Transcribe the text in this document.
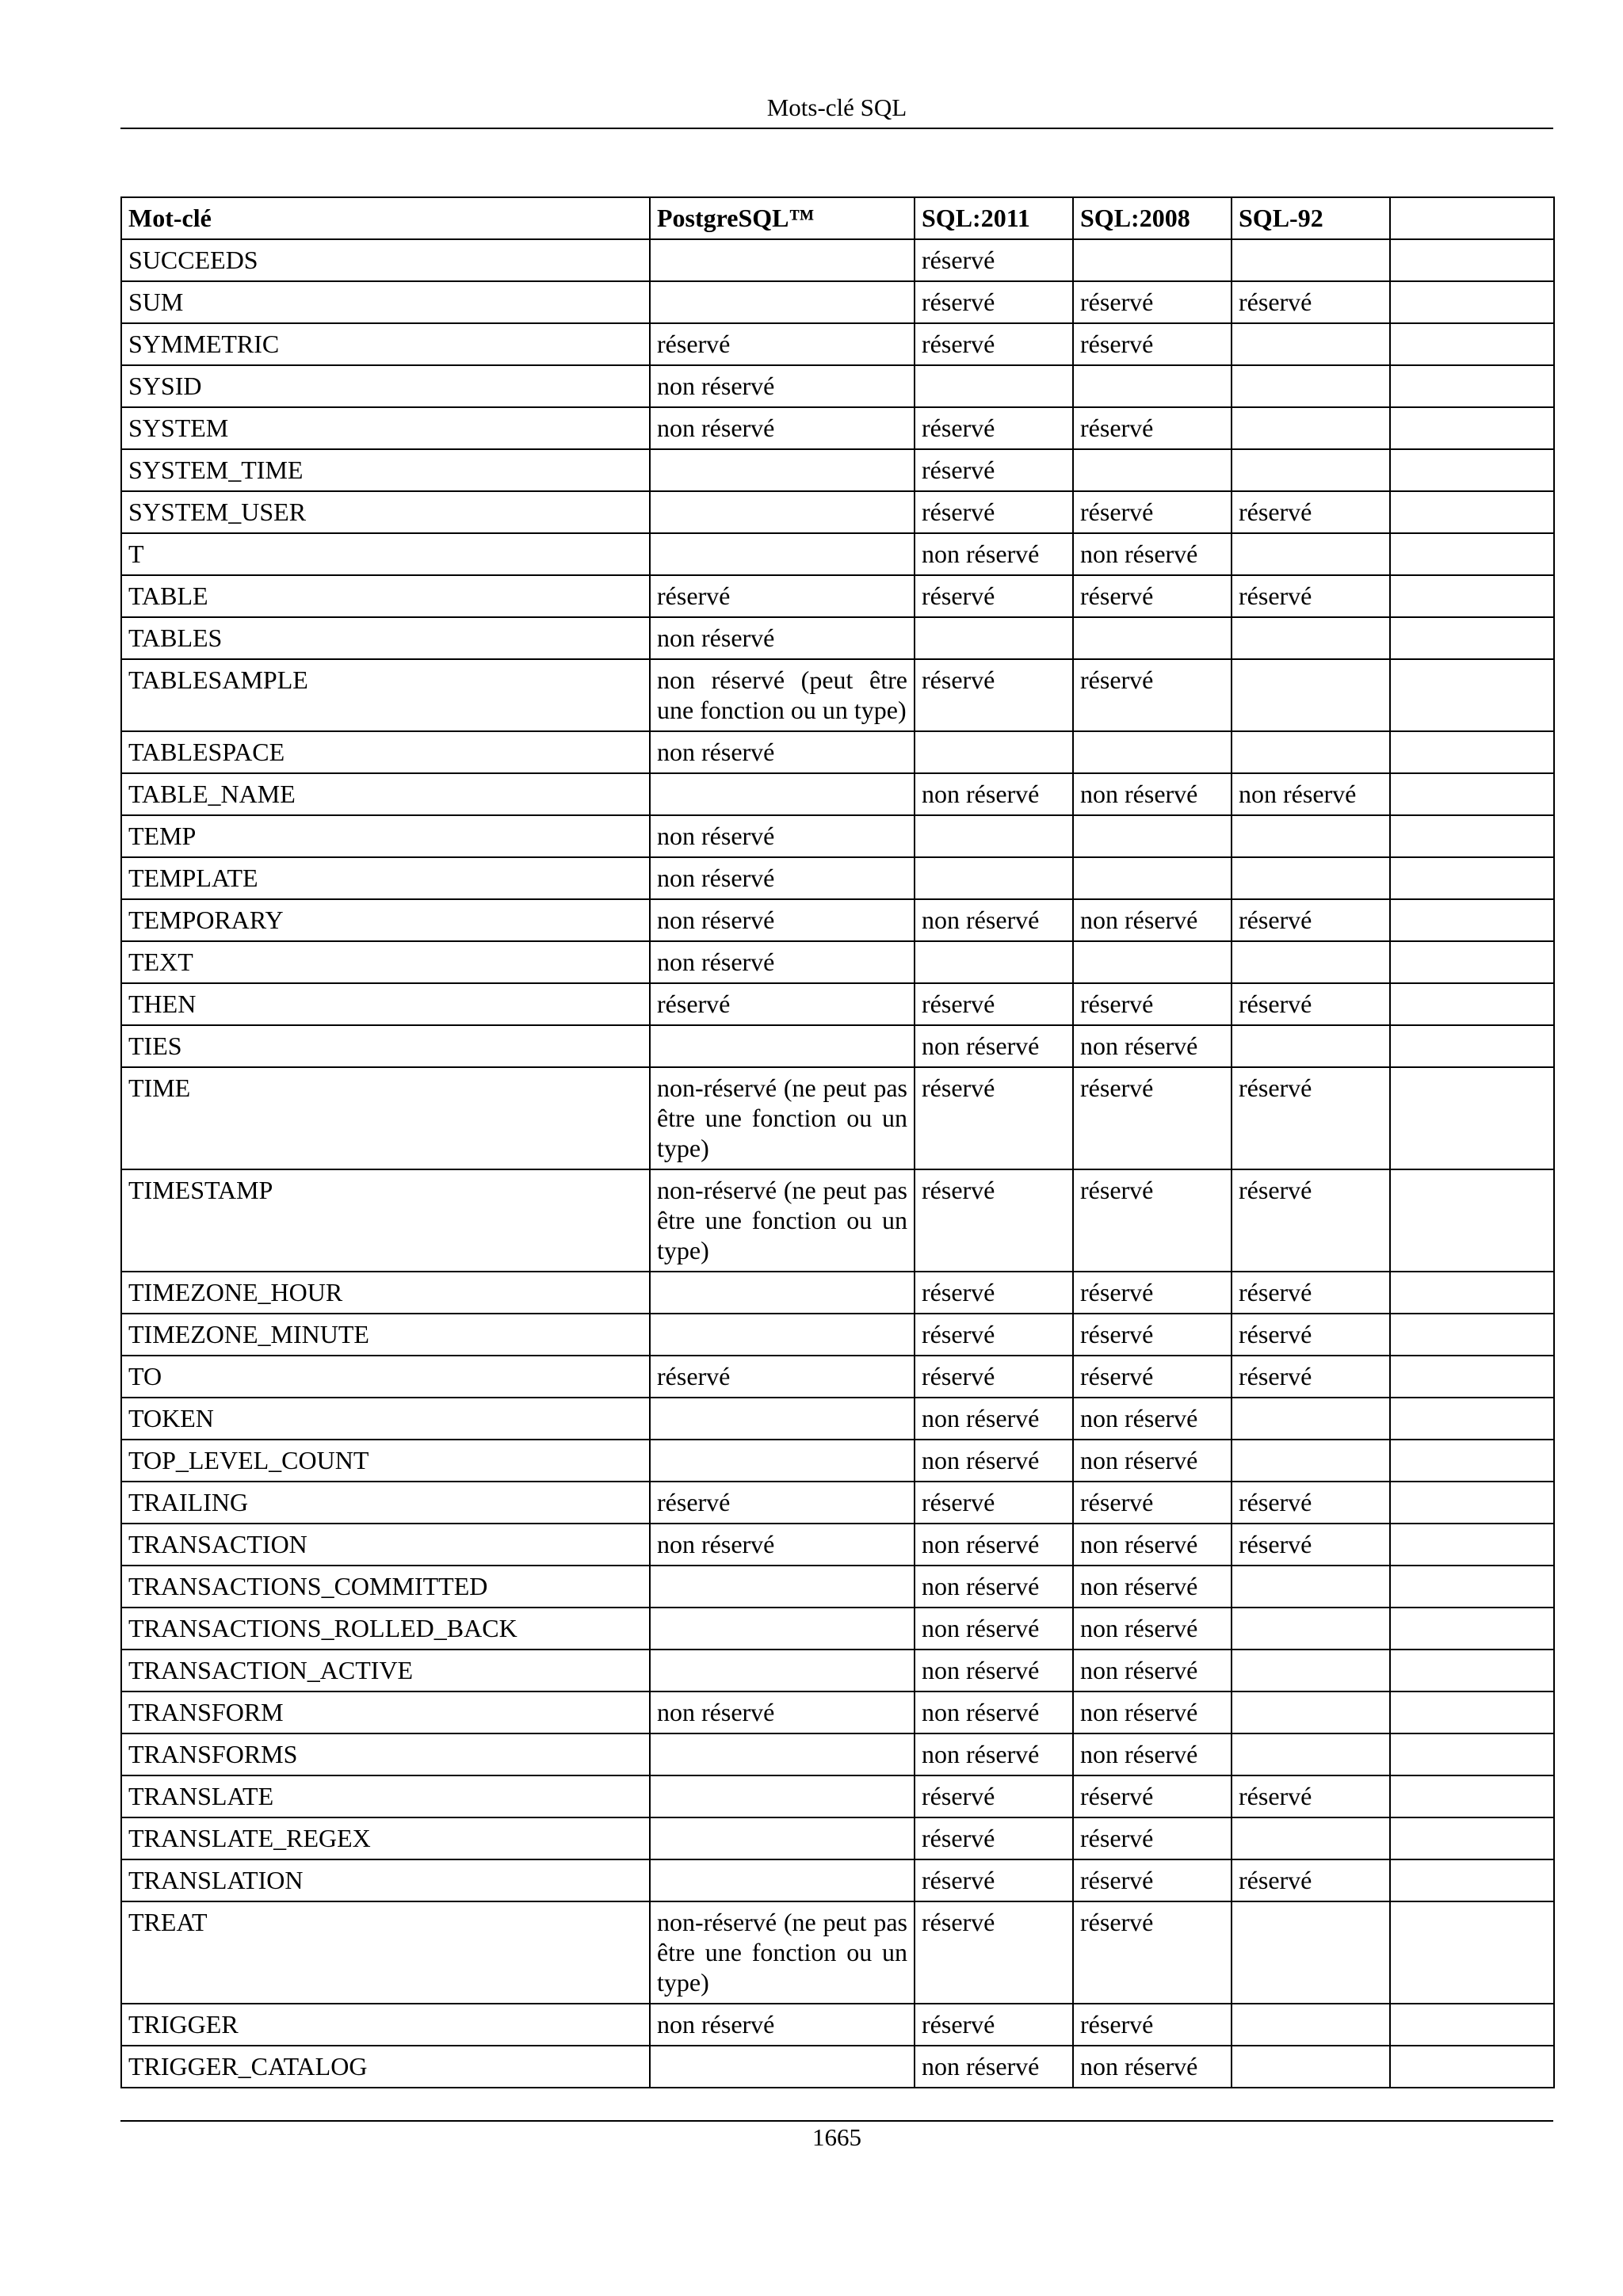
Mots-clé SQL
Mot-clé	PostgreSQL™	SQL:2011	SQL:2008	SQL-92	
SUCCEEDS		réservé			
SUM		réservé	réservé	réservé	
SYMMETRIC	réservé	réservé	réservé		
SYSID	non réservé				
SYSTEM	non réservé	réservé	réservé		
SYSTEM_TIME		réservé			
SYSTEM_USER		réservé	réservé	réservé	
T		non réservé	non réservé		
TABLE	réservé	réservé	réservé	réservé	
TABLES	non réservé				
TABLESAMPLE	non réservé (peut être une fonction ou un type)	réservé	réservé		
TABLESPACE	non réservé				
TABLE_NAME		non réservé	non réservé	non réservé	
TEMP	non réservé				
TEMPLATE	non réservé				
TEMPORARY	non réservé	non réservé	non réservé	réservé	
TEXT	non réservé				
THEN	réservé	réservé	réservé	réservé	
TIES		non réservé	non réservé		
TIME	non-réservé (ne peut pas être une fonction ou un type)	réservé	réservé	réservé	
TIMESTAMP	non-réservé (ne peut pas être une fonction ou un type)	réservé	réservé	réservé	
TIMEZONE_HOUR		réservé	réservé	réservé	
TIMEZONE_MINUTE		réservé	réservé	réservé	
TO	réservé	réservé	réservé	réservé	
TOKEN		non réservé	non réservé		
TOP_LEVEL_COUNT		non réservé	non réservé		
TRAILING	réservé	réservé	réservé	réservé	
TRANSACTION	non réservé	non réservé	non réservé	réservé	
TRANSACTIONS_COMMITTED		non réservé	non réservé		
TRANSACTIONS_ROLLED_BACK		non réservé	non réservé		
TRANSACTION_ACTIVE		non réservé	non réservé		
TRANSFORM	non réservé	non réservé	non réservé		
TRANSFORMS		non réservé	non réservé		
TRANSLATE		réservé	réservé	réservé	
TRANSLATE_REGEX		réservé	réservé		
TRANSLATION		réservé	réservé	réservé	
TREAT	non-réservé (ne peut pas être une fonction ou un type)	réservé	réservé		
TRIGGER	non réservé	réservé	réservé		
TRIGGER_CATALOG		non réservé	non réservé		
1665
